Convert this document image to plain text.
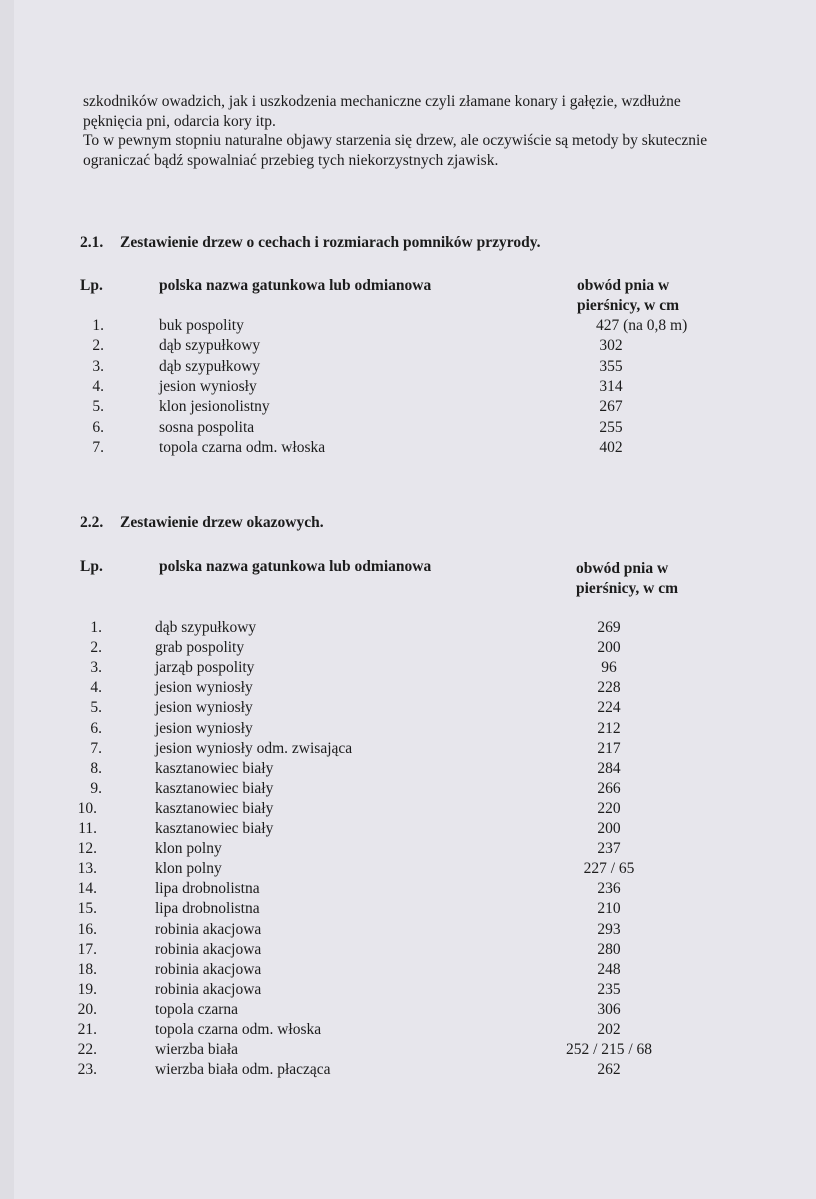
szkodników owadzich, jak i uszkodzenia mechaniczne czyli złamane konary i gałęzie, wzdłużne pęknięcia pni, odarcia kory itp.

To w pewnym stopniu naturalne objawy starzenia się drzew, ale oczywiście są metody by skutecznie ograniczać bądź spowalniać przebieg tych niekorzystnych zjawisk.

2.1. Zestawienie drzew o cechach i rozmiarach pomników przyrody.
Lp.	polska nazwa gatunkowa lub odmianowa	obwód pnia w
pierśnicy, w cm
1.	buk pospolity	427 (na 0,8 m)
2.	dąb szypułkowy	302
3.	dąb szypułkowy	355
4.	jesion wyniosły	314
5.	klon jesionolistny	267
6.	sosna pospolita	255
7.	topola czarna odm. włoska	402
2.2. Zestawienie drzew okazowych.
Lp.	polska nazwa gatunkowa lub odmianowa	obwód pnia w
pierśnicy, w cm
1.	dąb szypułkowy	269
2.	grab pospolity	200
3.	jarząb pospolity	96
4.	jesion wyniosły	228
5.	jesion wyniosły	224
6.	jesion wyniosły	212
7.	jesion wyniosły odm. zwisająca	217
8.	kasztanowiec biały	284
9.	kasztanowiec biały	266
10.	kasztanowiec biały	220
11.	kasztanowiec biały	200
12.	klon polny	237
13.	klon polny	227 / 65
14.	lipa drobnolistna	236
15.	lipa drobnolistna	210
16.	robinia akacjowa	293
17.	robinia akacjowa	280
18.	robinia akacjowa	248
19.	robinia akacjowa	235
20.	topola czarna	306
21.	topola czarna odm. włoska	202
22.	wierzba biała	252 / 215 / 68
23.	wierzba biała odm. płacząca	262
